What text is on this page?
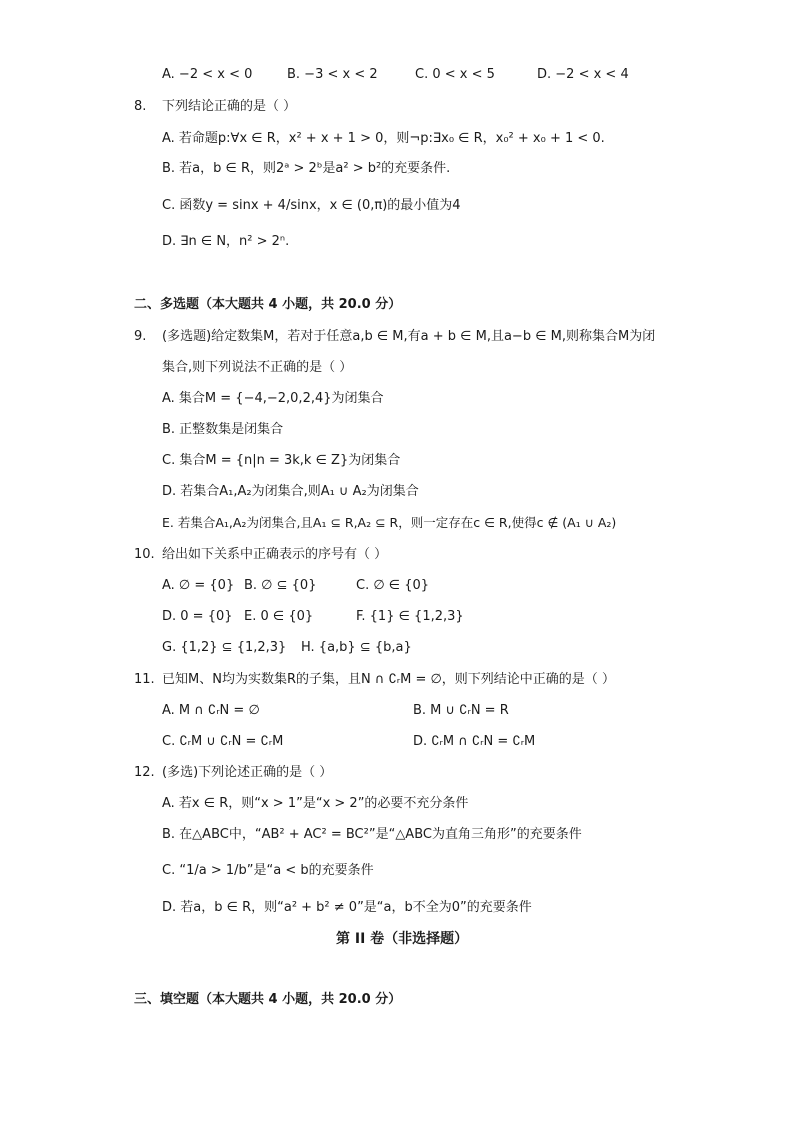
A. −2 < x < 0	B. −3 < x < 2	C. 0 < x < 5	D. −2 < x < 4
8. 下列结论正确的是（ ）
A. 若命题p:∀x ∈ R，x² + x + 1 > 0，则¬p:∃x₀ ∈ R，x₀² + x₀ + 1 < 0.
B. 若a，b ∈ R，则2ᵃ > 2ᵇ是a² > b²的充要条件.
C. 函数y = sinx + 4/sinx，x ∈ (0,π)的最小值为4
D. ∃n ∈ N，n² > 2ⁿ.
二、多选题（本大题共 4 小题，共 20.0 分）
9. (多选题)给定数集M，若对于任意a,b ∈ M,有a + b ∈ M,且a−b ∈ M,则称集合M为闭
集合,则下列说法不正确的是（ ）
A. 集合M = {−4,−2,0,2,4}为闭集合
B. 正整数集是闭集合
C. 集合M = {n|n = 3k,k ∈ Z}为闭集合
D. 若集合A₁,A₂为闭集合,则A₁ ∪ A₂为闭集合
E. 若集合A₁,A₂为闭集合,且A₁ ⊆ R,A₂ ⊆ R，则一定存在c ∈ R,使得c ∉ (A₁ ∪ A₂)
10. 给出如下关系中正确表示的序号有（ ）
A. ∅ = {0} B. ∅ ⊆ {0}	C. ∅ ∈ {0}
D. 0 = {0} E. 0 ∈ {0}	F. {1} ∈ {1,2,3}
G. {1,2} ⊆ {1,2,3} H. {a,b} ⊆ {b,a}
11. 已知M、N均为实数集R的子集，且N ∩ ∁ᵣM = ∅，则下列结论中正确的是（ ）
A. M ∩ ∁ᵣN = ∅	B. M ∪ ∁ᵣN = R
C. ∁ᵣM ∪ ∁ᵣN = ∁ᵣM	D. ∁ᵣM ∩ ∁ᵣN = ∁ᵣM
12. (多选)下列论述正确的是（ ）
A. 若x ∈ R，则“x > 1”是“x > 2”的必要不充分条件
B. 在△ABC中，“AB² + AC² = BC²”是“△ABC为直角三角形”的充要条件
C. “1/a > 1/b”是“a < b的充要条件
D. 若a，b ∈ R，则“a² + b² ≠ 0”是“a，b不全为0”的充要条件
第 II 卷（非选择题）
三、填空题（本大题共 4 小题，共 20.0 分）
